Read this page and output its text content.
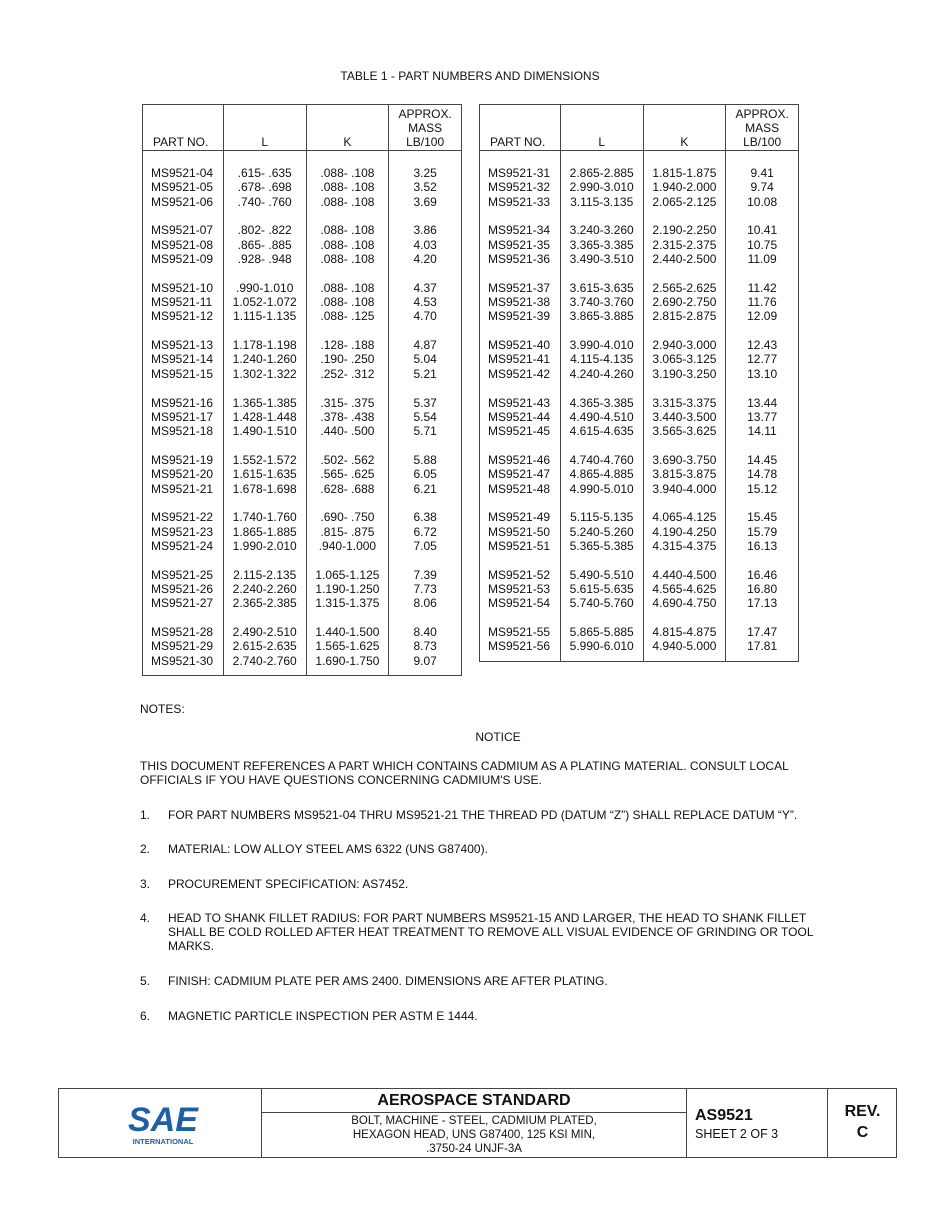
TABLE 1 - PART NUMBERS AND DIMENSIONS
PART NO.	L	K	APPROX.
MASS
LB/100

MS9521-04	.615- .635	.088- .108	3.25
MS9521-05	.678- .698	.088- .108	3.52
MS9521-06	.740- .760	.088- .108	3.69

MS9521-07	.802- .822	.088- .108	3.86
MS9521-08	.865- .885	.088- .108	4.03
MS9521-09	.928- .948	.088- .108	4.20

MS9521-10	.990-1.010	.088- .108	4.37
MS9521-11	1.052-1.072	.088- .108	4.53
MS9521-12	1.115-1.135	.088- .125	4.70

MS9521-13	1.178-1.198	.128- .188	4.87
MS9521-14	1.240-1.260	.190- .250	5.04
MS9521-15	1.302-1.322	.252- .312	5.21

MS9521-16	1.365-1.385	.315- .375	5.37
MS9521-17	1.428-1.448	.378- .438	5.54
MS9521-18	1.490-1.510	.440- .500	5.71

MS9521-19	1.552-1.572	.502- .562	5.88
MS9521-20	1.615-1.635	.565- .625	6.05
MS9521-21	1.678-1.698	.628- .688	6.21

MS9521-22	1.740-1.760	.690- .750	6.38
MS9521-23	1.865-1.885	.815- .875	6.72
MS9521-24	1.990-2.010	.940-1.000	7.05

MS9521-25	2.115-2.135	1.065-1.125	7.39
MS9521-26	2.240-2.260	1.190-1.250	7.73
MS9521-27	2.365-2.385	1.315-1.375	8.06

MS9521-28	2.490-2.510	1.440-1.500	8.40
MS9521-29	2.615-2.635	1.565-1.625	8.73
MS9521-30	2.740-2.760	1.690-1.750	9.07
PART NO.	L	K	APPROX.
MASS
LB/100

MS9521-31	2.865-2.885	1.815-1.875	9.41
MS9521-32	2.990-3.010	1.940-2.000	9.74
MS9521-33	3.115-3.135	2.065-2.125	10.08

MS9521-34	3.240-3.260	2.190-2.250	10.41
MS9521-35	3.365-3.385	2.315-2.375	10.75
MS9521-36	3.490-3.510	2.440-2.500	11.09

MS9521-37	3.615-3.635	2.565-2.625	11.42
MS9521-38	3.740-3.760	2.690-2.750	11.76
MS9521-39	3.865-3.885	2.815-2.875	12.09

MS9521-40	3.990-4.010	2.940-3.000	12.43
MS9521-41	4.115-4.135	3.065-3.125	12.77
MS9521-42	4.240-4.260	3.190-3.250	13.10

MS9521-43	4.365-3.385	3.315-3.375	13.44
MS9521-44	4.490-4.510	3.440-3.500	13.77
MS9521-45	4.615-4.635	3.565-3.625	14.11

MS9521-46	4.740-4.760	3.690-3.750	14.45
MS9521-47	4.865-4.885	3.815-3.875	14.78
MS9521-48	4.990-5.010	3.940-4.000	15.12

MS9521-49	5.115-5.135	4.065-4.125	15.45
MS9521-50	5.240-5.260	4.190-4.250	15.79
MS9521-51	5.365-5.385	4.315-4.375	16.13

MS9521-52	5.490-5.510	4.440-4.500	16.46
MS9521-53	5.615-5.635	4.565-4.625	16.80
MS9521-54	5.740-5.760	4.690-4.750	17.13

MS9521-55	5.865-5.885	4.815-4.875	17.47
MS9521-56	5.990-6.010	4.940-5.000	17.81
NOTES:
NOTICE
THIS DOCUMENT REFERENCES A PART WHICH CONTAINS CADMIUM AS A PLATING MATERIAL. CONSULT LOCAL OFFICIALS IF YOU HAVE QUESTIONS CONCERNING CADMIUM'S USE.
1.	FOR PART NUMBERS MS9521-04 THRU MS9521-21 THE THREAD PD (DATUM “Z”) SHALL REPLACE DATUM “Y”.
2.	MATERIAL: LOW ALLOY STEEL AMS 6322 (UNS G87400).
3.	PROCUREMENT SPECIFICATION: AS7452.
4.	HEAD TO SHANK FILLET RADIUS: FOR PART NUMBERS MS9521-15 AND LARGER, THE HEAD TO SHANK FILLET SHALL BE COLD ROLLED AFTER HEAT TREATMENT TO REMOVE ALL VISUAL EVIDENCE OF GRINDING OR TOOL MARKS.
5.	FINISH: CADMIUM PLATE PER AMS 2400. DIMENSIONS ARE AFTER PLATING.
6.	MAGNETIC PARTICLE INSPECTION PER ASTM E 1444.
SAE
INTERNATIONAL
AEROSPACE STANDARD
BOLT, MACHINE - STEEL, CADMIUM PLATED,
HEXAGON HEAD, UNS G87400, 125 KSI MIN,
.3750-24 UNJF-3A
AS9521
SHEET 2 OF 3
REV.
C
